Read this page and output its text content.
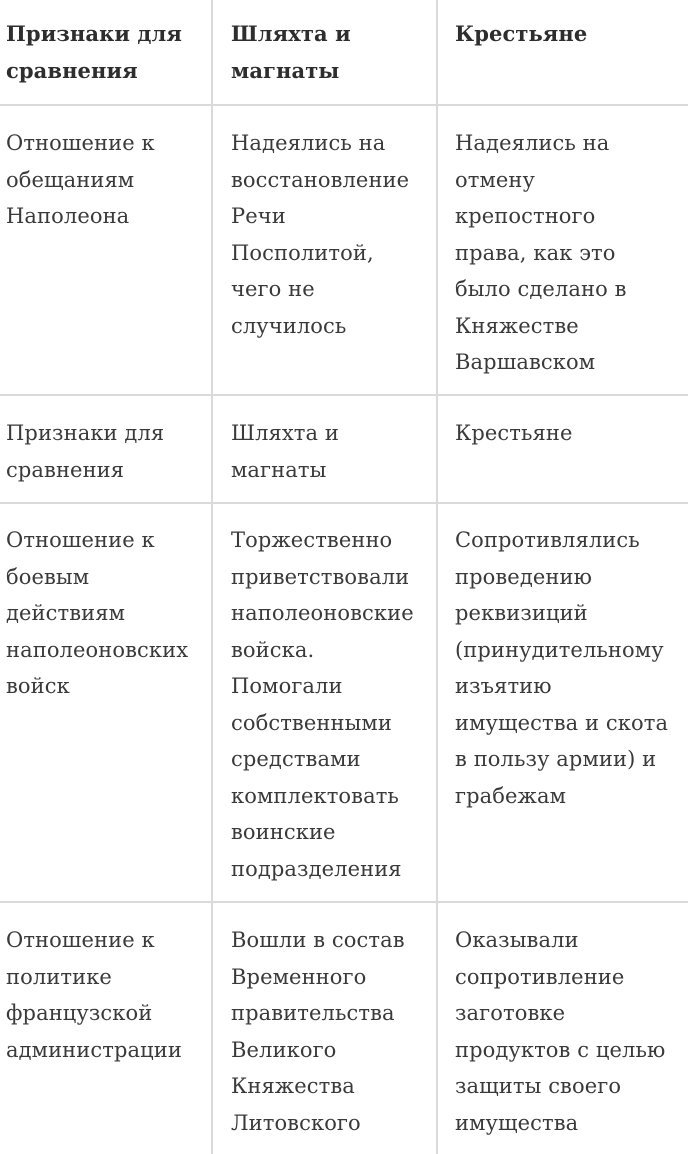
Признаки для
сравнения
Шляхта и
магнаты
Крестьяне
Отношение к
обещаниям
Наполеона
Надеялись на
восстановление
Речи
Посполитой,
чего не
случилось
Надеялись на
отмену
крепостного
права, как это
было сделано в
Княжестве
Варшавском
Признаки для
сравнения
Шляхта и
магнаты
Крестьяне
Отношение к
боевым
действиям
наполеоновских
войск
Торжественно
приветствовали
наполеоновские
войска.
Помогали
собственными
средствами
комплектовать
воинские
подразделения
Сопротивлялись
проведению
реквизиций
(принудительному
изъятию
имущества и скота
в пользу армии) и
грабежам
Отношение к
политике
французской
администрации
Вошли в состав
Временного
правительства
Великого
Княжества
Литовского
Оказывали
сопротивление
заготовке
продуктов с целью
защиты своего
имущества
